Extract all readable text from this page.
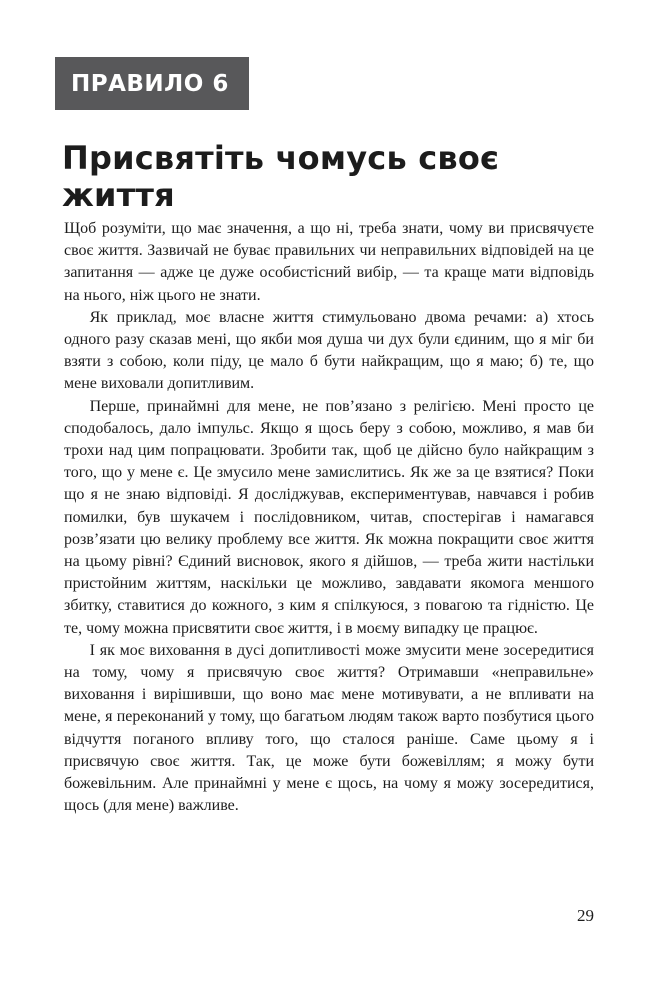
ПРАВИЛО 6
Присвятіть чомусь своє життя

Щоб розуміти, що має значення, а що ні, треба знати, чому ви присвячуєте своє життя. Зазвичай не буває правильних чи неправильних відповідей на це запитання — адже це дуже особистісний вибір, — та краще мати відповідь на нього, ніж цього не знати.

Як приклад, моє власне життя стимульовано двома речами: а) хтось одного разу сказав мені, що якби моя душа чи дух були єдиним, що я міг би взяти з собою, коли піду, це мало б бути найкращим, що я маю; б) те, що мене виховали допитливим.

Перше, принаймні для мене, не пов’язано з релігією. Мені просто це сподобалось, дало імпульс. Якщо я щось беру з собою, можливо, я мав би трохи над цим попрацювати. Зробити так, щоб це дійсно було найкращим з того, що у мене є. Це змусило мене замислитись. Як же за це взятися? Поки що я не знаю відповіді. Я досліджував, експериментував, навчався і робив помилки, був шукачем і послідовником, читав, спостерігав і намагався розв’язати цю велику проблему все життя. Як можна покращити своє життя на цьому рівні? Єдиний висновок, якого я дійшов, — треба жити настільки пристойним життям, наскільки це можливо, завдавати якомога меншого збитку, ставитися до кожного, з ким я спілкуюся, з повагою та гідністю. Це те, чому можна присвятити своє життя, і в моєму випадку це працює.

І як моє виховання в дусі допитливості може змусити мене зосередитися на тому, чому я присвячую своє життя? Отримавши «неправильне» виховання і вирішивши, що воно має мене мотивувати, а не впливати на мене, я переконаний у тому, що багатьом людям також варто позбутися цього відчуття поганого впливу того, що сталося раніше. Саме цьому я і присвячую своє життя. Так, це може бути божевіллям; я можу бути божевільним. Але принаймні у мене є щось, на чому я можу зосередитися, щось (для мене) важливе.

29
